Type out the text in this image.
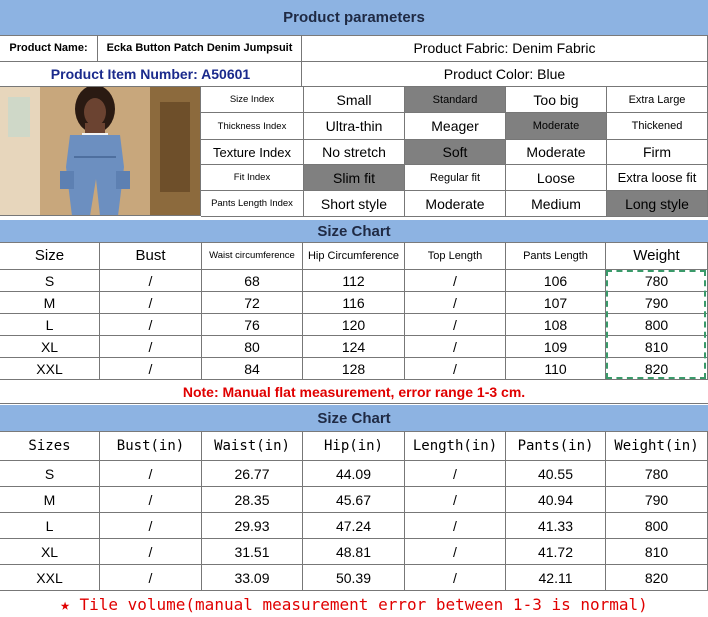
Product parameters
Product Name:	Ecka Button Patch Denim Jumpsuit	Product Fabric: Denim Fabric
Product Item Number: A50601	Product Color: Blue
Size Index	Small	Standard	Too big	Extra Large
Thickness Index	Ultra-thin	Meager	Moderate	Thickened
Texture Index	No stretch	Soft	Moderate	Firm
Fit Index	Slim fit	Regular fit	Loose	Extra loose fit
Pants Length Index	Short style	Moderate	Medium	Long style
Size Chart
Size	Bust	Waist circumference	Hip Circumference	Top Length	Pants Length	Weight
S	/	68	112	/	106	780
M	/	72	116	/	107	790
L	/	76	120	/	108	800
XL	/	80	124	/	109	810
XXL	/	84	128	/	110	820
Note: Manual flat measurement, error range 1-3 cm.
Size Chart
Sizes	Bust(in)	Waist(in)	Hip(in)	Length(in)	Pants(in)	Weight(in)
S	/	26.77	44.09	/	40.55	780
M	/	28.35	45.67	/	40.94	790
L	/	29.93	47.24	/	41.33	800
XL	/	31.51	48.81	/	41.72	810
XXL	/	33.09	50.39	/	42.11	820
★ Tile volume(manual measurement error between 1-3 is normal)
